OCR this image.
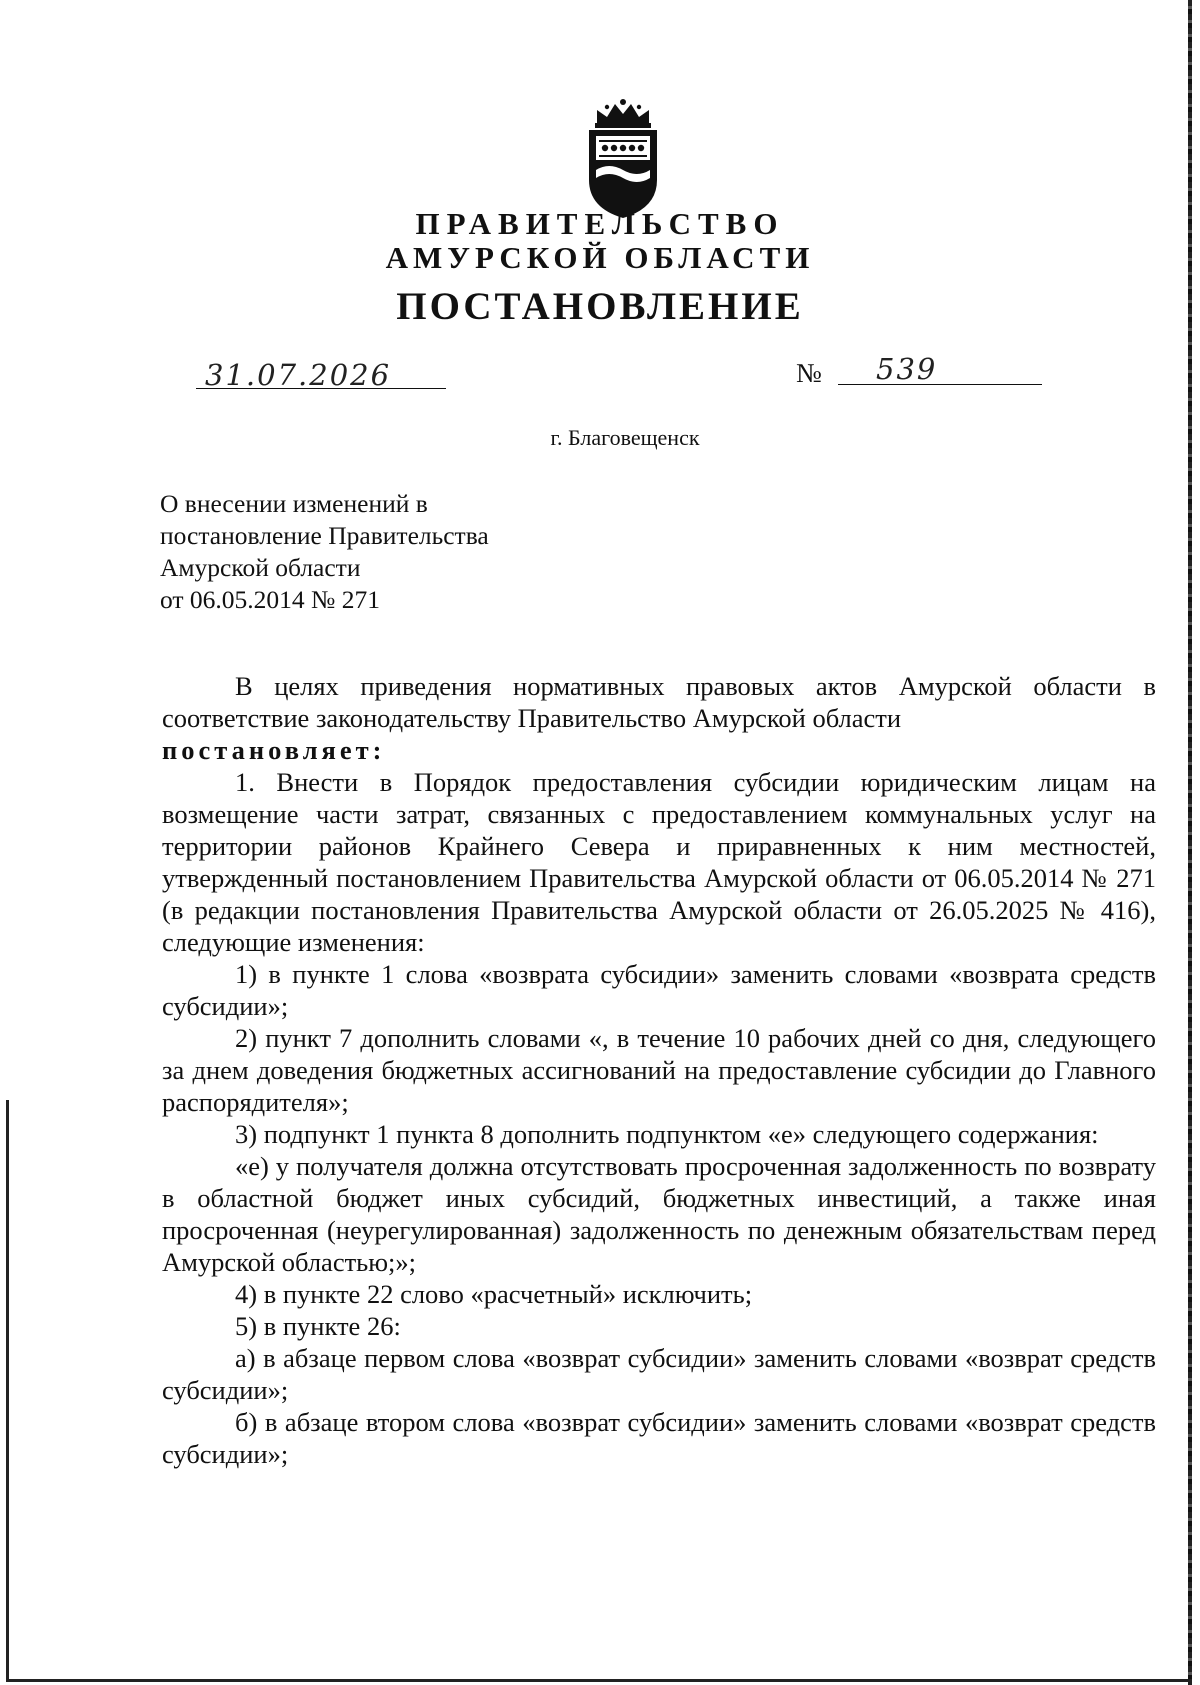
ПРАВИТЕЛЬСТВО
АМУРСКОЙ ОБЛАСТИ
ПОСТАНОВЛЕНИЕ
31.07.2026	№ 539
г. Благовещенск
О внесении изменений в
постановление Правительства
Амурской области
от 06.05.2014 № 271

В целях приведения нормативных правовых актов Амурской области в соответствие законодательству Правительство Амурской области

постановляет:

1. Внести в Порядок предоставления субсидии юридическим лицам на возмещение части затрат, связанных с предоставлением коммунальных услуг на территории районов Крайнего Севера и приравненных к ним местностей, утвержденный постановлением Правительства Амурской области от 06.05.2014 № 271 (в редакции постановления Правительства Амурской области от 26.05.2025 № 416), следующие изменения:

1) в пункте 1 слова «возврата субсидии» заменить словами «возврата средств субсидии»;

2) пункт 7 дополнить словами «, в течение 10 рабочих дней со дня, следующего за днем доведения бюджетных ассигнований на предоставление субсидии до Главного распорядителя»;

3) подпункт 1 пункта 8 дополнить подпунктом «е» следующего содержания:

«е) у получателя должна отсутствовать просроченная задолженность по возврату в областной бюджет иных субсидий, бюджетных инвестиций, а также иная просроченная (неурегулированная) задолженность по денежным обязательствам перед Амурской областью;»;

4) в пункте 22 слово «расчетный» исключить;

5) в пункте 26:

а) в абзаце первом слова «возврат субсидии» заменить словами «возврат средств субсидии»;

б) в абзаце втором слова «возврат субсидии» заменить словами «возврат средств субсидии»;
